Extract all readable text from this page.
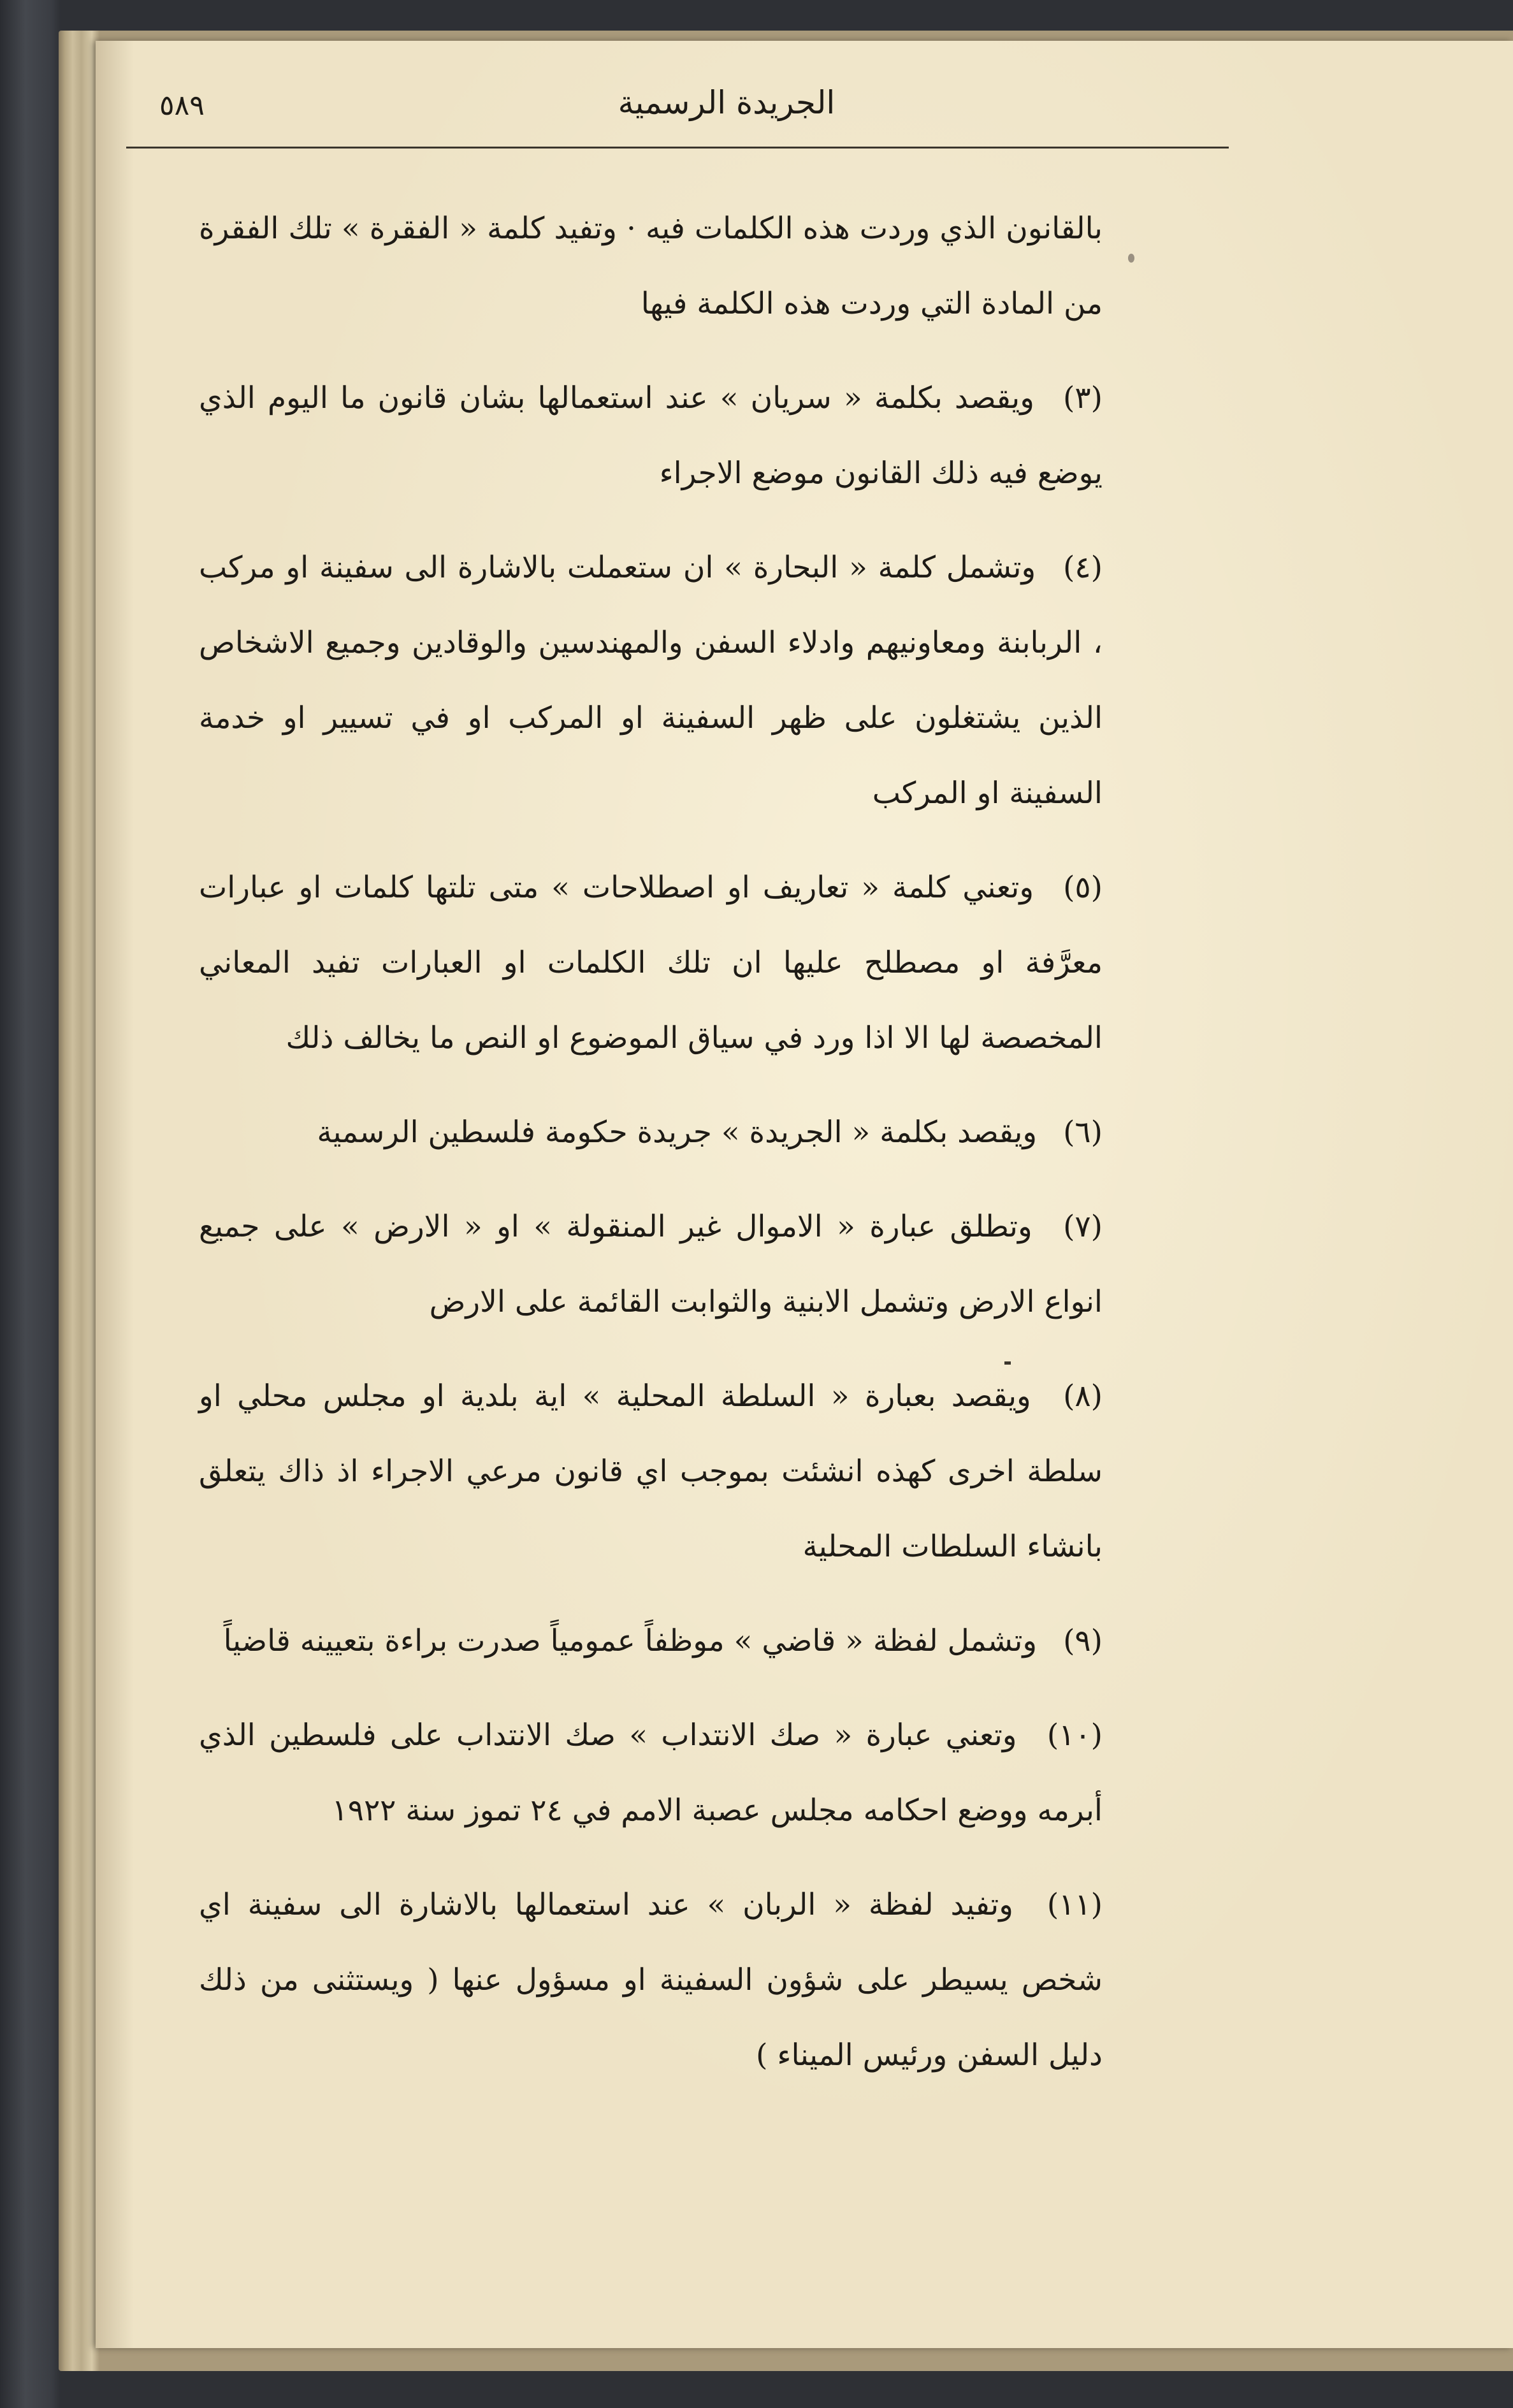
٥٨٩	الجريدة الرسمية

بالقانون الذي وردت هذه الكلمات فيه · وتفيد كلمة « الفقرة » تلك الفقرة من المادة التي وردت هذه الكلمة فيها

(٣) ويقصد بكلمة « سريان » عند استعمالها بشان قانون ما اليوم الذي يوضع فيه ذلك القانون موضع الاجراء

(٤) وتشمل كلمة « البحارة » ان ستعملت بالاشارة الى سفينة او مركب ، الربابنة ومعاونيهم وادلاء السفن والمهندسين والوقادين وجميع الاشخاص الذين يشتغلون على ظهر السفينة او المركب او في تسيير او خدمة السفينة او المركب

(٥) وتعني كلمة « تعاريف او اصطلاحات » متى تلتها كلمات او عبارات معرَّفة او مصطلح عليها ان تلك الكلمات او العبارات تفيد المعاني المخصصة لها الا اذا ورد في سياق الموضوع او النص ما يخالف ذلك

(٦) ويقصد بكلمة « الجريدة » جريدة حكومة فلسطين الرسمية

(٧) وتطلق عبارة « الاموال غير المنقولة » او « الارض » على جميع انواع الارض وتشمل الابنية والثوابت القائمة على الارض

(٨) ويقصد بعبارة « السلطة المحلية » اية بلدية او مجلس محلي او سلطة اخرى كهذه انشئت بموجب اي قانون مرعي الاجراء اذ ذاك يتعلق بانشاء السلطات المحلية

(٩) وتشمل لفظة « قاضي » موظفاً عمومياً صدرت براءة بتعيينه قاضياً

(١٠) وتعني عبارة « صك الانتداب » صك الانتداب على فلسطين الذي أبرمه ووضع احكامه مجلس عصبة الامم في ٢٤ تموز سنة ١٩٢٢

(١١) وتفيد لفظة « الربان » عند استعمالها بالاشارة الى سفينة اي شخص يسيطر على شؤون السفينة او مسؤول عنها ( ويستثنى من ذلك دليل السفن ورئيس الميناء )
